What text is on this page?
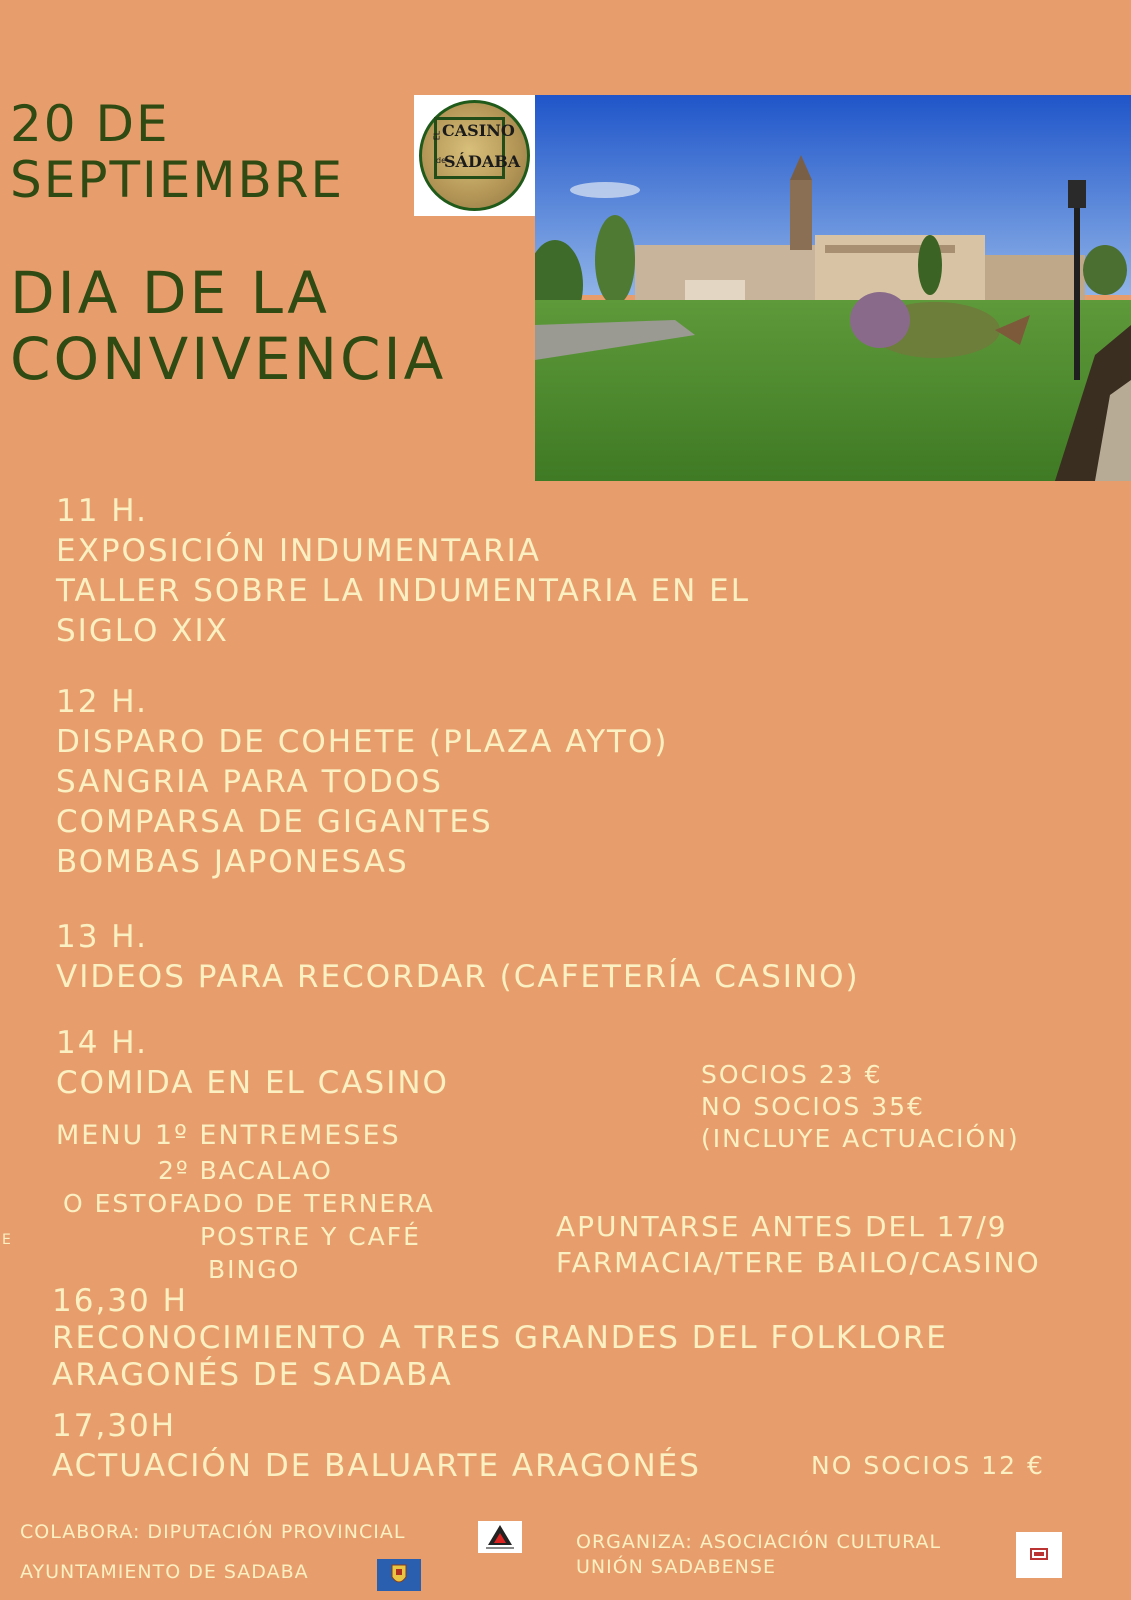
20 DE
SEPTIEMBRE
DIA DE LA
CONVIVENCIA
EL CASINO
de
SÁDABA
11 H.
EXPOSICIÓN INDUMENTARIA
TALLER SOBRE LA INDUMENTARIA EN EL
SIGLO XIX
12 H.
DISPARO DE COHETE (PLAZA AYTO)
SANGRIA PARA TODOS
COMPARSA DE GIGANTES
BOMBAS JAPONESAS
13 H.
VIDEOS PARA RECORDAR (CAFETERÍA CASINO)
14 H.
COMIDA EN EL CASINO
MENU 1º ENTREMESES
2º BACALAO
O ESTOFADO DE TERNERA
POSTRE Y CAFÉ
BINGO
E
SOCIOS 23 €
NO SOCIOS 35€
(INCLUYE ACTUACIÓN)
APUNTARSE ANTES DEL 17/9
FARMACIA/TERE BAILO/CASINO
16,30 H
RECONOCIMIENTO A TRES GRANDES DEL FOLKLORE
ARAGONÉS DE SADABA
17,30H
ACTUACIÓN DE BALUARTE ARAGONÉS	NO SOCIOS 12 €
COLABORA: DIPUTACIÓN PROVINCIAL
AYUNTAMIENTO DE SADABA
ORGANIZA: ASOCIACIÓN CULTURAL
UNIÓN SADABENSE
